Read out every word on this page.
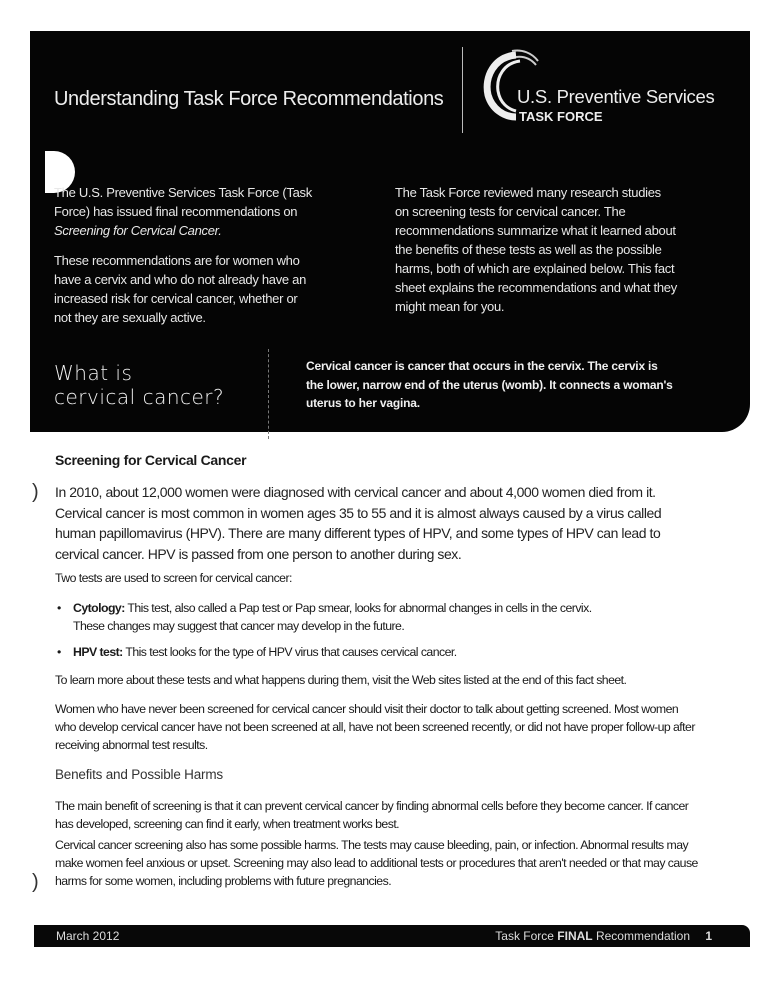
Understanding Task Force Recommendations	U.S. Preventive Services
TASK FORCE

The U.S. Preventive Services Task Force (Task
Force) has issued final recommendations on
Screening for Cervical Cancer.

These recommendations are for women who
have a cervix and who do not already have an
increased risk for cervical cancer, whether or
not they are sexually active.

The Task Force reviewed many research studies
on screening tests for cervical cancer. The
recommendations summarize what it learned about
the benefits of these tests as well as the possible
harms, both of which are explained below. This fact
sheet explains the recommendations and what they
might mean for you.

What is
cervical cancer?
Cervical cancer is cancer that occurs in the cervix. The cervix is
the lower, narrow end of the uterus (womb). It connects a woman's
uterus to her vagina.
Screening for Cervical Cancer
) In 2010, about 12,000 women were diagnosed with cervical cancer and about 4,000 women died from it.
Cervical cancer is most common in women ages 35 to 55 and it is almost always caused by a virus called
human papillomavirus (HPV). There are many different types of HPV, and some types of HPV can lead to
cervical cancer. HPV is passed from one person to another during sex.
Two tests are used to screen for cervical cancer:
• Cytology: This test, also called a Pap test or Pap smear, looks for abnormal changes in cells in the cervix.
These changes may suggest that cancer may develop in the future.
• HPV test: This test looks for the type of HPV virus that causes cervical cancer.
To learn more about these tests and what happens during them, visit the Web sites listed at the end of this fact sheet.
Women who have never been screened for cervical cancer should visit their doctor to talk about getting screened. Most women
who develop cervical cancer have not been screened at all, have not been screened recently, or did not have proper follow-up after
receiving abnormal test results.
Benefits and Possible Harms
The main benefit of screening is that it can prevent cervical cancer by finding abnormal cells before they become cancer. If cancer
has developed, screening can find it early, when treatment works best.
Cervical cancer screening also has some possible harms. The tests may cause bleeding, pain, or infection. Abnormal results may
make women feel anxious or upset. Screening may also lead to additional tests or procedures that aren't needed or that may cause
harms for some women, including problems with future pregnancies.
)
March 2012	Task Force FINAL Recommendation 1
